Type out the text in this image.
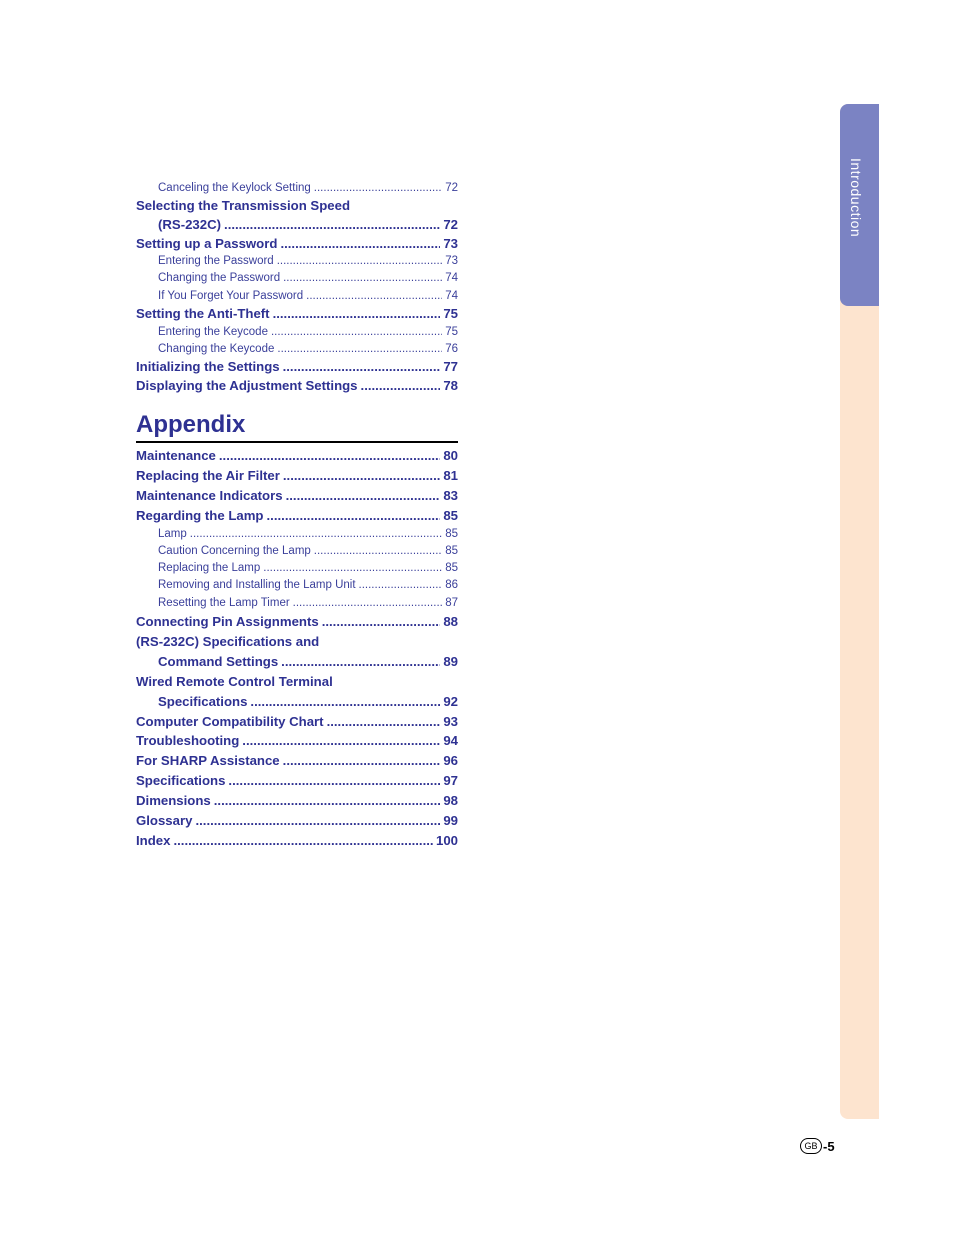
Introduction
Canceling the Keylock Setting .....	72
Selecting the Transmission Speed
(RS-232C) .....	72
Setting up a Password .....	73
Entering the Password .....	73
Changing the Password .....	74
If You Forget Your Password .....	74
Setting the Anti-Theft .....	75
Entering the Keycode .....	75
Changing the Keycode .....	76
Initializing the Settings .....	77
Displaying the Adjustment Settings .....	78
Appendix
Maintenance .....	80
Replacing the Air Filter .....	81
Maintenance Indicators .....	83
Regarding the Lamp .....	85
Lamp .....	85
Caution Concerning the Lamp .....	85
Replacing the Lamp .....	85
Removing and Installing the Lamp Unit .....	86
Resetting the Lamp Timer .....	87
Connecting Pin Assignments .....	88
(RS-232C) Specifications and
Command Settings .....	89
Wired Remote Control Terminal
Specifications .....	92
Computer Compatibility Chart .....	93
Troubleshooting .....	94
For SHARP Assistance .....	96
Specifications .....	97
Dimensions .....	98
Glossary .....	99
Index .....	100
GB -5
